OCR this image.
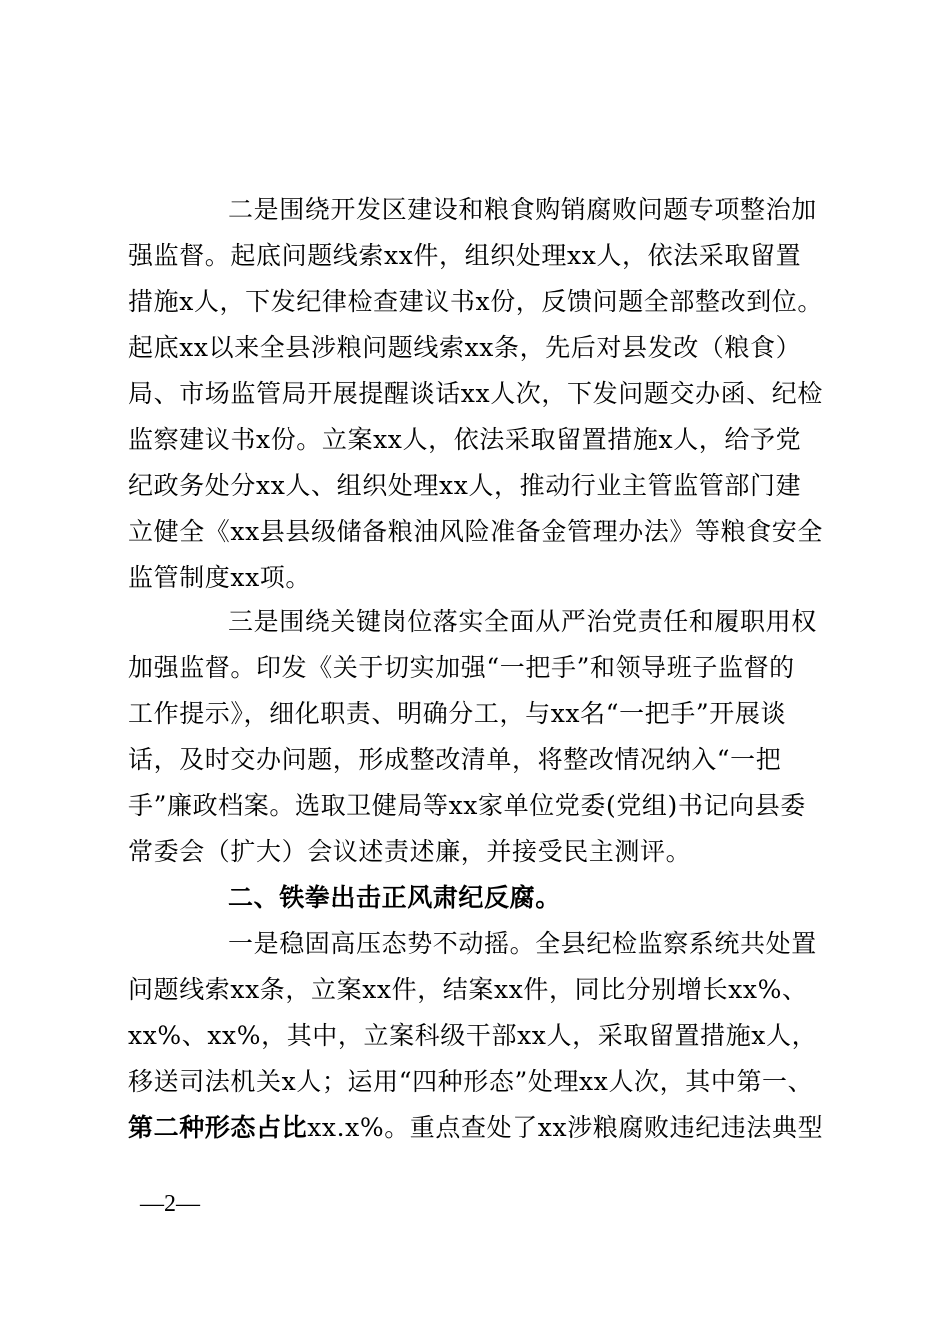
二是围绕开发区建设和粮食购销腐败问题专项整治加
强监督。起底问题线索xx件，组织处理xx人，依法采取留置
措施x人，下发纪律检查建议书x份，反馈问题全部整改到位。
起底xx以来全县涉粮问题线索xx条，先后对县发改（粮食）
局、市场监管局开展提醒谈话xx人次，下发问题交办函、纪检
监察建议书x份。立案xx人，依法采取留置措施x人，给予党
纪政务处分xx人、组织处理xx人，推动行业主管监管部门建
立健全《xx县县级储备粮油风险准备金管理办法》等粮食安全
监管制度xx项。
三是围绕关键岗位落实全面从严治党责任和履职用权
加强监督。印发《关于切实加强“一把手”和领导班子监督的
工作提示》，细化职责、明确分工，与xx名“一把手”开展谈
话，及时交办问题，形成整改清单，将整改情况纳入“一把
手”廉政档案。选取卫健局等xx家单位党委(党组)书记向县委
常委会（扩大）会议述责述廉，并接受民主测评。
二、铁拳出击正风肃纪反腐。
一是稳固高压态势不动摇。全县纪检监察系统共处置
问题线索xx条，立案xx件，结案xx件，同比分别增长xx%、
xx%、xx%，其中，立案科级干部xx人，采取留置措施x人，
移送司法机关x人；运用“四种形态”处理xx人次，其中第一、
第二种形态占比xx.x%。重点查处了xx涉粮腐败违纪违法典型
—2—
